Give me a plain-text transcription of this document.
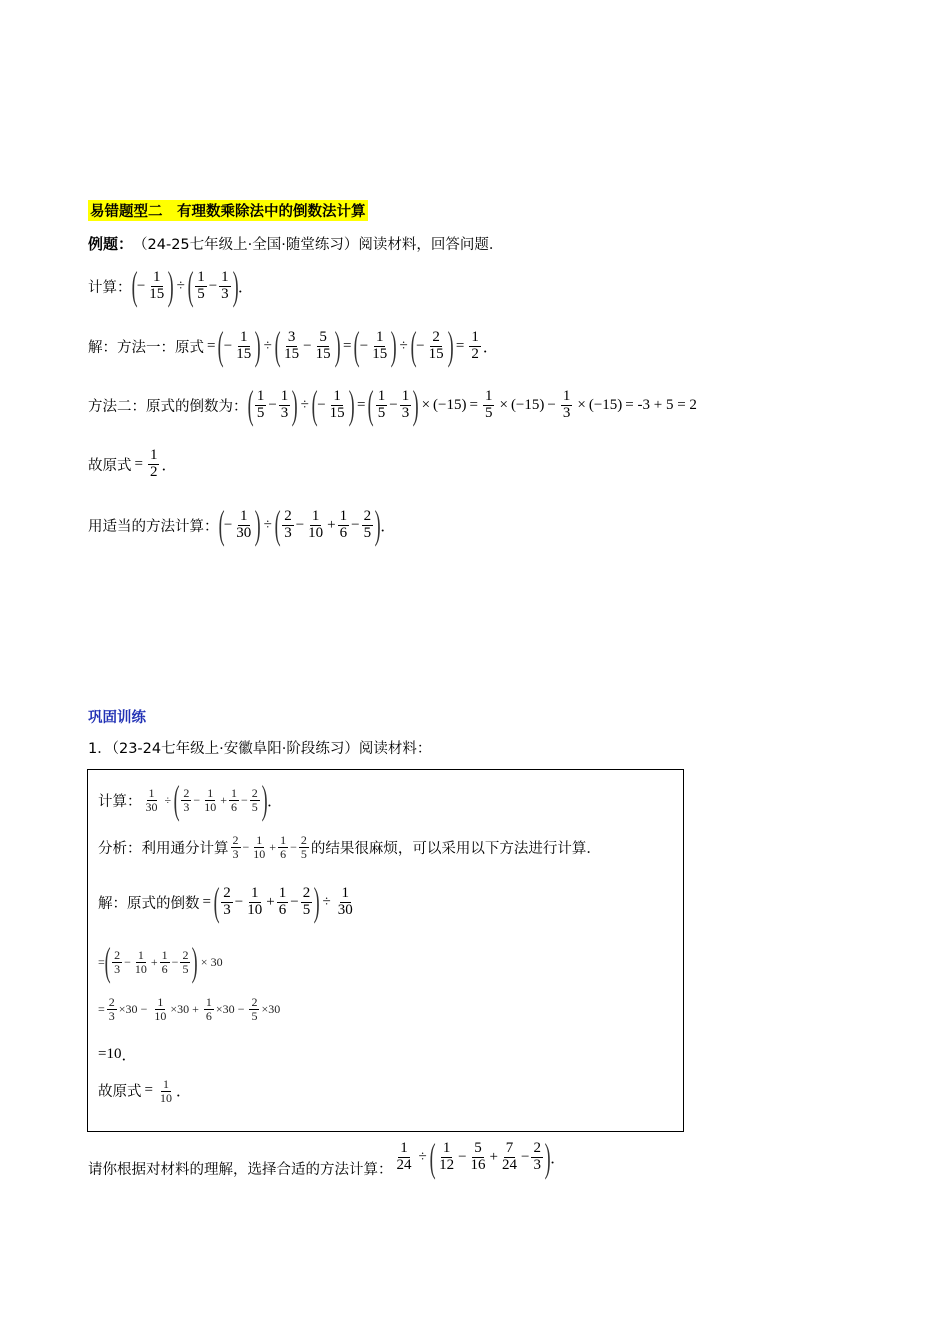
易错题型二　有理数乘除法中的倒数法计算
例题： （24-25七年级上·全国·随堂练习）阅读材料，回答问题．
计算： ( − $\frac{1}{15}$ ) ÷ ( $\frac{1}{5} - \frac{1}{3}$ ) ．
解：方法一：原式 = ( − $\frac{1}{15}$ ) ÷ ( $\frac{3}{15} - \frac{5}{15}$ ) = ( − $\frac{1}{15}$ ) ÷ ( − $\frac{2}{15}$ ) = $\frac{1}{2}$ ．
方法二：原式的倒数为： ( $\frac{1}{5} - \frac{1}{3}$ ) ÷ ( − $\frac{1}{15}$ ) = ( $\frac{1}{5} - \frac{1}{3}$ ) × $(-15) = \frac{1}{5} \times (-15) - \frac{1}{3} \times (-15) = -3 + 5 = 2$
故原式 = $\frac{1}{2}$ ．
用适当的方法计算： ( − $\frac{1}{30}$ ) ÷ ( $\frac{2}{3} - \frac{1}{10} + \frac{1}{6} - \frac{2}{5}$ ) ．
巩固训练
1．（23-24七年级上·安徽阜阳·阶段练习）阅读材料：
计算： $\frac{1}{30}$ ÷ ( $\frac{2}{3} - \frac{1}{10} + \frac{1}{6} - \frac{2}{5}$ ) ．
分析：利用通分计算 $\frac{2}{3} - \frac{1}{10} + \frac{1}{6} - \frac{2}{5}$ 的结果很麻烦，可以采用以下方法进行计算．
解：原式的倒数 = ( $\frac{2}{3} - \frac{1}{10} + \frac{1}{6} - \frac{2}{5}$ ) ÷ $\frac{1}{30}$
= ( $\frac{2}{3} - \frac{1}{10} + \frac{1}{6} - \frac{2}{5}$ ) × 30
= $\frac{2}{3} \times 30 - \frac{1}{10} \times 30 + \frac{1}{6} \times 30 - \frac{2}{5} \times 30$
=10 ．
故原式 = $\frac{1}{10}$ ．
请你根据对材料的理解，选择合适的方法计算： $\frac{1}{24}$ ÷ ( $\frac{1}{12} - \frac{5}{16} + \frac{7}{24} - \frac{2}{3}$ ) ．
